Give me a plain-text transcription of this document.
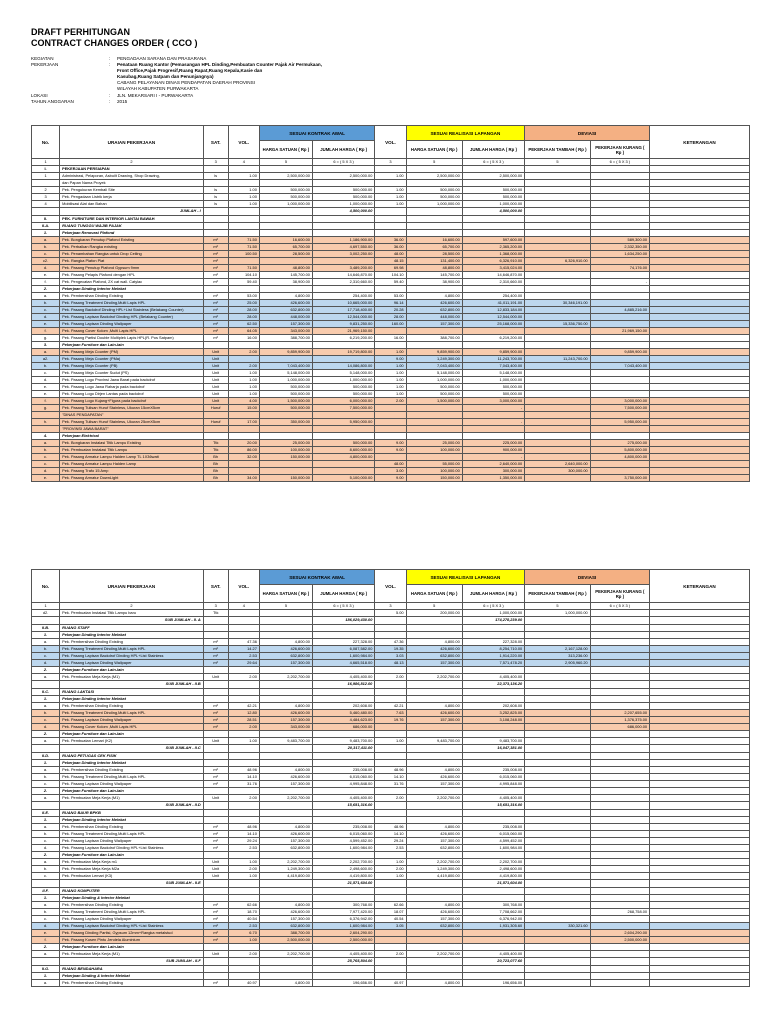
DRAFT PERHITUNGAN
CONTRACT CHANGES ORDER ( CCO )
KEGIATAN	:	PENGADAAN SARANA DAN PRASARANA
PEKERJAAN	:	Penataan Ruang Kantor (Pemasangan HPL Dinding,Pembuatan Counter Pajak Air Permukaan,
Front Office,Pajak Progresif,Ruang Rapat,Ruang Kepala,Kasie dan
Kasubag,Ruang Satpam dan Penunjangnya)
CABANG PELAYANAN DINAS PENDAPATAN DAERAH PROVINSI
WILAYAH KABUPATEN PURWAKARTA
LOKASI	:	JLN. MEKARSARI I - PURWAKARTA
TAHUN ANGGARAN	:	2015
No.	URAIAN PEKERJAAN	SAT.	VOL.	SESUAI KONTRAK AWAL		VOL.	SESUAI REALISASI LAPANGAN		DEVIASI		KETERANGAN
				HARGA SATUAN ( Rp )	JUMLAH HARGA ( Rp )		HARGA SATUAN ( Rp )	JUMLAH HARGA ( Rp )	PEKERJAAN TAMBAH ( Rp )	PEKERJAAN KURANG ( Rp )	
1	2	3	4	5	6 = ( 5 X 3 )	3	5	6 = ( 5 X 3 )	5	6 = ( 5 X 3 )	
I.	PEKERJAAN PERSIAPAN										
1	Administrasi, Pelaporan, Asbuilt Drawing, Shop Drawing,	ls	1.00	2,500,000.00	2,500,000.00	1.00	2,500,000.00	2,500,000.00			
	dan Papan Nama Proyek										
2	Pek. Pengukuran Kembali Site	ls	1.00	500,000.00	500,000.00	1.00	500,000.00	500,000.00			
3	Pek. Pengadaan Listrik kerja	ls	1.00	500,000.00	500,000.00	1.00	500,000.00	500,000.00			
4	Mobilisasi Alat dan Bahan	ls	1.00	1,000,000.00	1,000,000.00	1.00	1,000,000.00	1,000,000.00			
	JUMLAH - I				4,500,000.00			4,500,000.00			
II.	PEK. FURNITURE DAN INTERIOR LANTAI BAWAH										
II.A.	RUANG TUNGGU WAJIB PAJAK										
1.	Pekerjaan Renovasi Plafond										
a.	Pek. Bongkaran Penutup Plafond Existing	m²	71.50	16,600.00	1,186,900.00	36.00	16,600.00	597,600.00		589,300.00	
b.	Pek. Perbaikan Rangka existing	m²	71.50	65,700.00	4,697,550.00	36.00	65,700.00	2,365,200.00		2,332,350.00	
c.	Pek. Penambahan Rangka untuk Drop Ceiling	m²	100.50	28,500.00	3,002,250.00	48.00	28,500.00	1,368,000.00		1,634,250.00	
c2.	Pek. Rangka Plafon Plat	m²				48.15	131,400.00	6,326,910.00	6,326,910.00		
d.	Pek. Pasang Penutup Plafond Gypsum 9mm	m²	71.50	48,800.00	3,489,200.00	69.98	48,800.00	3,415,024.00		74,176.00	
e.	Pek. Pasang Pelapis Plafond dengan HPL	m²	104.10	145,700.00	14,646,870.00	104.10	145,700.00	14,646,870.00			
f.	Pek. Pengecatan Plafond, 2X cat wall. Catylac	m²	59.40	38,900.00	2,310,660.00	59.40	38,900.00	2,310,660.00		-	
2.	Pekerjaan Dinding Interior Melekat										
a.	Pek. Pembersihan Dinding Existing	m²	53.00	4,800.00	254,400.00	53.00	4,800.00	254,400.00			
b.	Pek. Pasang Treatment Dinding,Multi Lapis HPL	m²	25.00	426,600.00	10,665,000.00	96.14	426,600.00	41,011,191.00	30,346,191.00		
c.	Pek. Pasang Backdrof Dinding HPL+List Stainless (Belakang Counter)	m²	28.00	632,800.00	17,718,400.00	20.28	632,800.00	12,833,184.00		4,885,216.00	
d.	Pek. Pasang Lapisan Backdrof Dinding HPL (Belakang Counter)	m²	28.00	448,000.00	12,544,000.00	28.00	448,000.00	12,544,000.00			
e.	Pek. Pasang Lapisan Dinding Wallpaper	m²	62.50	157,300.00	9,831,250.00	160.00	157,300.00	25,168,000.00	15,336,750.00		
f.	Pek. Pasang Cover Kolom ,Multi Lapis HPL	m²	64.05	343,000.00	21,969,150.00					21,969,150.00	
g.	Pek. Pasang Partisi Double Multiplek Lapis HPL(R. Pos Satpam)	m²	16.00	388,700.00	6,219,200.00	16.00	388,700.00	6,219,200.00			
3.	Pekerjaan Furniture dan Lain-lain										
a.	Pek. Pasang Meja Counter (PM)	Unit	2.00	9,859,900.00	19,719,800.00	1.00	9,859,900.00	9,859,900.00		9,859,900.00	
a2.	Pek. Pasang Meja Counter (PMa)	Unit				9.00	1,249,300.00	11,243,700.00	11,243,700.00		
b.	Pek. Pasang Meja Counter (PB)	Unit	2.00	7,043,400.00	14,086,800.00	1.00	7,043,400.00	7,043,400.00		7,043,400.00	
c.	Pek. Pasang Meja Counter Sudut (PS)	Unit	1.00	5,148,000.00	5,148,000.00	1.00	5,148,000.00	5,148,000.00			
d.	Pek. Pasang Logo Provinsi Jawa Barat pada backdrof	Unit	1.00	1,000,000.00	1,000,000.00	1.00	1,000,000.00	1,000,000.00			
e.	Pek. Pasang Logo Jawa Raharja pada backdrof	Unit	1.00	500,000.00	500,000.00	1.00	500,000.00	500,000.00			
e.	Pek. Pasang Logo Dirjen Lantas pada backdrof	Unit	1.00	500,000.00	500,000.00	1.00	500,000.00	500,000.00			
f.	Pek. Pasang Logo Kujang+Figura pada backdrof	Unit	4.00	1,500,000.00	6,000,000.00	2.00	1,500,000.00	3,000,000.00		3,000,000.00	
g.	Pek. Pasang Tulisan Huruf Stainless, Ukuran 15cmX5cm	Huruf	15.00	500,000.00	7,500,000.00			-		7,500,000.00	
	"DINAS PENDAPATAN"										
h.	Pek. Pasang Tulisan Huruf Stainless, Ukuran 25cmX5cm	Huruf	17.00	350,000.00	5,950,000.00			-		5,950,000.00	
	"PROVINSI JAWA BARAT"										
4.	Pekerjaan Elektrical										
a.	Pek. Bongkaran Instalasi Titik Lampu Existing	Ttk	20.00	25,000.00	500,000.00	9.00	25,000.00	225,000.00		275,000.00	
b.	Pek. Pembuatan Instalasi Titik Lampu	Ttk	86.00	100,000.00	8,600,000.00	9.00	100,000.00	900,000.00		5,800,000.00	
c.	Pek. Pasang Armatur Lampu Halden Lamp TL 1X36watt	Bh	32.00	150,000.00	4,800,000.00			-		4,800,000.00	
c.	Pek. Pasang Armatur Lampu Halden Lamp	Bh				48.00	55,000.00	2,640,000.00	2,640,000.00		
d.	Pek. Pasang Trafo 15 Amp	Bh				3.00	100,000.00	300,000.00	300,000.00		
e.	Pek. Pasang Armatur DownLight	Bh	34.00	150,000.00	5,100,000.00	9.00	150,000.00	1,350,000.00		3,750,000.00	
No.	URAIAN PEKERJAAN	SAT.	VOL.	SESUAI KONTRAK AWAL		VOL.	SESUAI REALISASI LAPANGAN		DEVIASI		KETERANGAN
				HARGA SATUAN ( Rp )	JUMLAH HARGA ( Rp )		HARGA SATUAN ( Rp )	JUMLAH HARGA ( Rp )	PEKERJAAN TAMBAH ( Rp )	PEKERJAAN KURANG ( Rp )	
1	2	3	4	5	6 = ( 5 X 3 )	3	5	6 = ( 5 X 3 )	5	6 = ( 5 X 3 )	
d2.	Pek. Pembuatan Instalasi Titik Lampu baru	Ttk				5.00	200,000.00	1,000,000.00	1,000,000.00		
	SUB JUMLAH - II. A				186,029,430.00			174,278,239.00			
II.B.	RUANG STAFF										
1.	Pekerjaan Dinding Interior Melekat										
a.	Pek. Pembersihan Dinding Existing	m²	47.36	4,800.00	227,328.00	47.36	4,800.00	227,328.00			
b.	Pek. Pasang Treatment Dinding,Multi Lapis HPL	m²	14.27	426,600.00	6,087,582.00	19.35	426,600.00	8,254,710.00	2,167,128.00		
c.	Pek. Pasang Lapisan Backdrof Dinding HPL+List Stainless	m²	2.53	632,800.00	1,600,984.00	3.03	632,800.00	1,914,220.00	313,236.00		
d.	Pek. Pasang Lapisan Dinding Wallpaper	m²	29.64	157,300.00	4,665,518.00	48.13	157,300.00	7,571,478.20	2,905,960.20		
2.	Pekerjaan Furniture dan Lain-lain										
a.	Pek. Pembuatan Meja Kerja (M1)	Unit	2.00	2,202,700.00	4,405,400.00	2.00	2,202,700.00	4,405,400.00			
	SUB JUMLAH - II.B				16,986,812.00			22,373,136.20			
II.C.	RUANG LAKTASI										
1.	Pekerjaan Dinding Interior Melekat										
a.	Pek. Pembersihan Dinding Existing	m²	42.21	4,800.00	202,608.00	42.21	4,800.00	202,608.00			
b.	Pek. Pasang Treatment Dinding,Multi Lapis HPL	m²	12.80	426,600.00	5,460,480.00	7.63	426,600.00	3,252,825.00		2,207,655.00	
c.	Pek. Pasang Lapisan Dinding Wallpaper	m²	28.51	157,300.00	4,484,623.00	19.76	157,300.00	3,108,248.00		1,376,375.00	
d.	Pek. Pasang Cover Kolom ,Multi Lapis HPL	m²	2.00	343,000.00	686,000.00					686,000.00	
2.	Pekerjaan Furniture dan Lain-lain										
a.	Pek. Pembuatan Lemari (K2)	Unit	1.00	9,483,700.00	9,483,700.00	1.00	9,483,700.00	9,483,700.00			
	SUB JUMLAH - II.C				20,317,411.00			16,047,381.00			
II.D.	RUANG PETUGAS CEK FISIK										
1.	Pekerjaan Dinding Interior Melekat										
a.	Pek. Pembersihan Dinding Existing	m²	48.96	4,800.00	235,008.00	48.96	4,800.00	235,008.00			
b.	Pek. Pasang Treatment Dinding,Multi Lapis HPL	m²	14.10	426,600.00	6,015,060.00	14.10	426,600.00	6,015,060.00			
c.	Pek. Pasang Lapisan Dinding Wallpaper	m²	31.76	157,300.00	4,995,848.00	31.76	157,300.00	4,995,848.00			
2.	Pekerjaan Furniture dan Lain-lain										
a.	Pek. Pembuatan Meja Kerja (M1)	Unit	2.00	2,202,700.00	4,405,400.00	2.00	2,202,700.00	4,405,400.00			
	SUB JUMLAH - II.D				15,651,316.00			15,651,316.00			
II.E.	RUANG BAUR BPKB										
1.	Pekerjaan Dinding Interior Melekat										
a.	Pek. Pembersihan Dinding Existing	m²	48.96	4,800.00	235,008.00	48.96	4,800.00	235,008.00			
b.	Pek. Pasang Treatment Dinding,Multi Lapis HPL	m²	14.10	426,600.00	6,015,060.00	14.10	426,600.00	6,015,060.00			
c.	Pek. Pasang Lapisan Dinding Wallpaper	m²	29.24	157,300.00	4,599,452.00	29.24	157,300.00	4,599,452.00			
d.	Pek. Pasang Lapisan Backdrof Dinding HPL+List Stainless	m²	2.53	632,800.00	1,600,984.00	2.53	632,800.00	1,600,984.00			
2.	Pekerjaan Furniture dan Lain-lain										
a.	Pek. Pembuatan Meja Kerja m1	Unit	1.00	2,202,700.00	2,202,700.00	1.00	2,202,700.00	2,202,700.00			
b.	Pek. Pembuatan Meja Kerja M2a	Unit	2.00	1,249,300.00	2,498,600.00	2.00	1,249,300.00	2,498,600.00			
c.	Pek. Pembuatan Lemari (K3)	Unit	1.00	4,419,800.00	4,419,800.00	1.00	4,419,800.00	4,419,800.00			
	SUB JUMLAH - II.E				21,571,604.00			21,571,604.00			
II.F.	RUANG KOMPUTER										
1.	Pekerjaan Dinding & Interior Melekat										
a.	Pek. Pembersihan Dinding Existing	m²	62.66	4,800.00	300,768.00	62.66	4,800.00	300,768.00			
b.	Pek. Pasang Treatment Dinding,Multi Lapis HPL	m²	18.70	426,600.00	7,977,420.00	18.07	426,600.00	7,708,662.00		268,758.00	
c.	Pek. Pasang Lapisan Dinding Wallpaper	m²	40.54	157,300.00	6,376,942.00	40.54	157,300.00	6,376,942.00			
d.	Pek. Pasang Lapisan Backdrof Dinding HPL+List Stainless	m²	2.53	632,800.00	1,600,984.00	3.05	632,800.00	1,931,305.60	330,321.60		
e.	Pek. Pasang Dinding Partisi, Gypsum 12mm+Rangka metalstud	m²	6.70	388,700.00	2,604,290.00					2,604,290.00	
f.	Pek. Pasang Kusen Pintu Jendela Aluminium	m²	1.00	2,500,000.00	2,500,000.00					2,500,000.00	
2.	Pekerjaan Furniture dan Lain-lain										
a.	Pek. Pembuatan Meja Kerja (M1)	Unit	2.00	2,202,700.00	4,405,400.00	2.00	2,202,700.00	4,405,400.00			
	SUB JUMLAH - II.F				25,765,804.00			20,723,077.60			
II.G.	RUANG BENDAHARA										
1.	Pekerjaan Dinding & Interior Melekat										
a.	Pek. Pembersihan Dinding Existing	m²	40.97	4,800.00	196,656.00	40.97	4,800.00	196,656.00			
